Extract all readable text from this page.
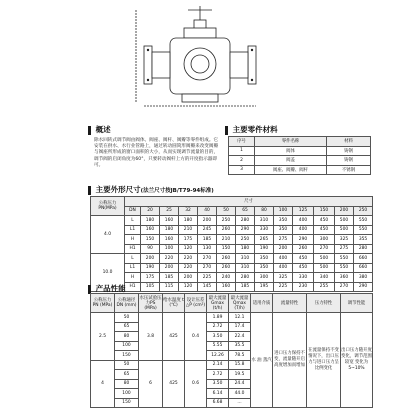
概述
除水回转式调节阀由阀体、阀座、阀杆、阀瓣等零件组成。它安装在供水、水行业管路上，通过转动圆筒形阀瓣来改变阀瓣与阀座所形成的窗口面积的大小，从而实现调节流量的目的，调节阀的启闭角度为60°，只要转动阀杆上方的开度指示器即可。
主要零件材料
序号	零件名称	材料
1	阀体	铸钢
2	阀盖	铸钢
3	阀座、阀瓣、阀杆	不锈钢
主要外形尺寸(法兰尺寸按JB/T79-94标准)
公称压力 PN(MPa)	尺寸												
	DN	20	25	32	40	50	65	80	100	125	150	200	250
4.0	L	180	160	180	200	250	280	310	350	400	450	500	550
	L1	160	180	210	245	260	290	330	350	400	450	500	550
	H	150	160	175	185	210	250	265	275	290	300	325	355
	H1	90	100	120	130	150	180	190	200	260	270	275	280
10.0	L	200	220	220	270	260	310	350	400	450	500	550	660
	L1	190	200	220	270	260	310	350	400	450	500	550	660
	H	175	185	200	225	240	280	300	325	330	340	360	380
	H1	105	115	120	145	160	185	195	225	230	255	270	290
产品性能
公称压力 PN (MPa)	公称通径 DN (mm)	水压试验压力PS (MPa)	给水温度 t (℃)	设计压差 △P (cm²)	最大流量 Gmax (t/h)	最大流量 Qmax (T/h)	适用介质	流量特性	压力特性	调节性能
2.5	50	3.8	425	0.4	1.89	12.1	水 油 蒸汽	进口压力保持不变，流量随开启高度增加而增加	在流量保持不变情况下，出口压力与进口压力呈比例变化	出口压力随开度变化，调节范围较宽 变化为5~10%
	65				2.72	17.4				
	80				3.50	22.4				
	100				5.55	35.5				
	150				12.26	78.5				
4	50	6	425	0.6	2.14	15.8				
	65				2.72	19.5				
	80				3.50	24.4				
	100				6.14	44.0				
	150				6.68	...				
